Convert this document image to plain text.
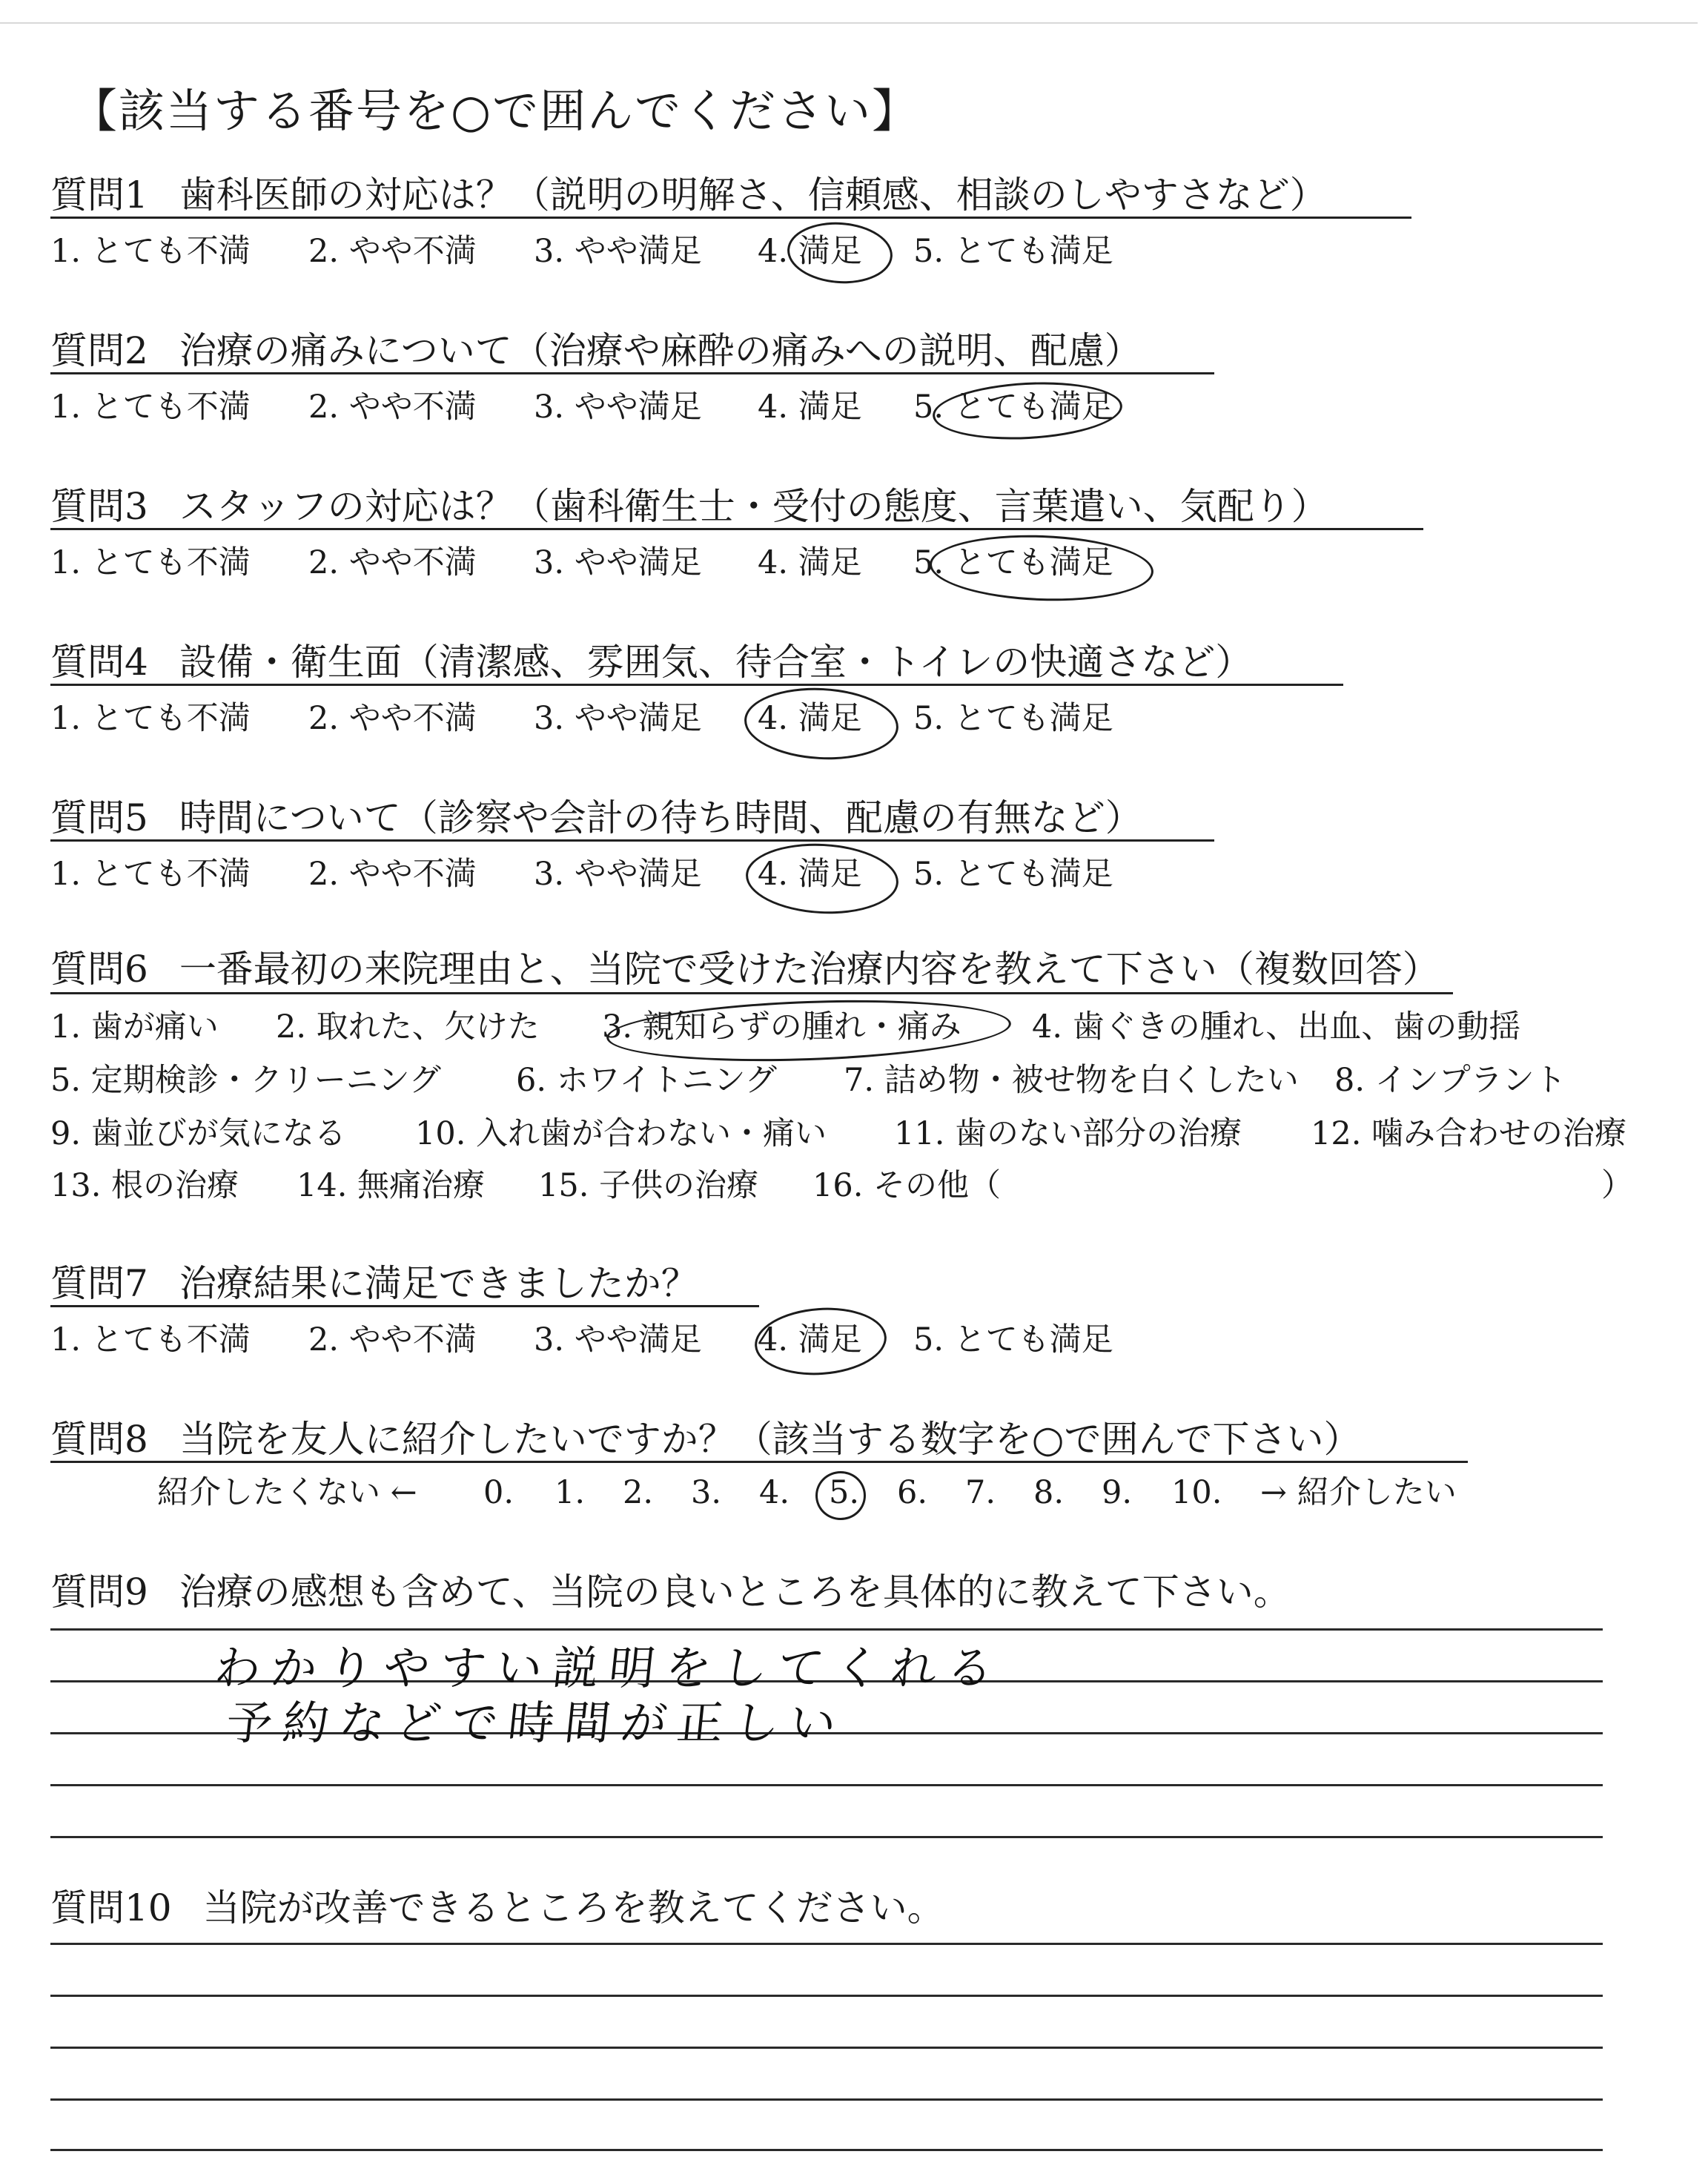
【該当する番号を○で囲んでください】
質問1 歯科医師の対応は？（説明の明解さ、信頼感、相談のしやすさなど）
1. とても不満 2. やや不満 3. やや満足 4. 満足 5. とても満足
質問2 治療の痛みについて（治療や麻酔の痛みへの説明、配慮）
1. とても不満 2. やや不満 3. やや満足 4. 満足 5. とても満足
質問3 スタッフの対応は？（歯科衛生士・受付の態度、言葉遣い、気配り）
1. とても不満 2. やや不満 3. やや満足 4. 満足 5. とても満足
質問4 設備・衛生面（清潔感、雰囲気、待合室・トイレの快適さなど）
1. とても不満 2. やや不満 3. やや満足 4. 満足 5. とても満足
質問5 時間について（診察や会計の待ち時間、配慮の有無など）
1. とても不満 2. やや不満 3. やや満足 4. 満足 5. とても満足
質問6 一番最初の来院理由と、当院で受けた治療内容を教えて下さい（複数回答）
1. 歯が痛い 2. 取れた、欠けた 3. 親知らずの腫れ・痛み 4. 歯ぐきの腫れ、出血、歯の動揺
5. 定期検診・クリーニング 6. ホワイトニング 7. 詰め物・被せ物を白くしたい 8. インプラント
9. 歯並びが気になる 10. 入れ歯が合わない・痛い 11. 歯のない部分の治療 12. 噛み合わせの治療
13. 根の治療 14. 無痛治療 15. 子供の治療 16. その他（	）
質問7 治療結果に満足できましたか？
1. とても不満 2. やや不満 3. やや満足 4. 満足 5. とても満足
質問8 当院を友人に紹介したいですか？（該当する数字を○で囲んで下さい）
紹介したくない ← 0. 1. 2. 3. 4. 5. 6. 7. 8. 9. 10. → 紹介したい
質問9 治療の感想も含めて、当院の良いところを具体的に教えて下さい。
わかりやすい説明をしてくれる
予約などで時間が正しい
質問10 当院が改善できるところを教えてください。
